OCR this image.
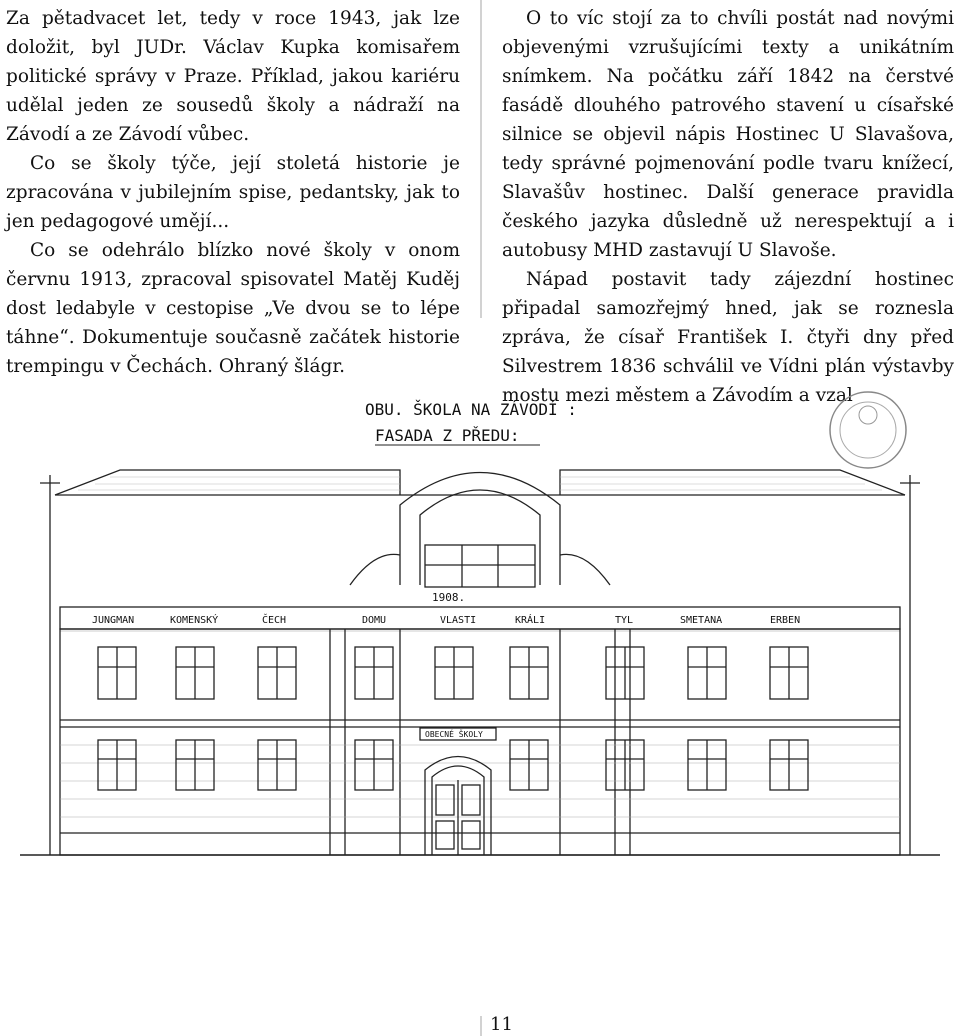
Za pětadvacet let, tedy v roce 1943, jak lze doložit, byl JUDr. Václav Kupka komisařem politické správy v Praze. Příklad, jakou kariéru udělal jeden ze sousedů školy a nádraží na Závodí a ze Závodí vůbec.

Co se školy týče, její stoletá historie je zpracována v jubilejním spise, pedantsky, jak to jen pedagogové umějí...

Co se odehrálo blízko nové školy v onom červnu 1913, zpracoval spisovatel Matěj Kuděj dost ledabyle v cestopise „Ve dvou se to lépe táhne“. Dokumentuje současně začátek historie trempingu v Čechách. Ohraný šlágr.

O to víc stojí za to chvíli postát nad novými objevenými vzrušujícími texty a unikátním snímkem. Na počátku září 1842 na čerstvé fasádě dlouhého patrového stavení u císařské silnice se objevil nápis Hostinec U Slavašova, tedy správné pojmenování podle tvaru knížecí, Slavašův hostinec. Další generace pravidla českého jazyka důsledně už nerespektují a i autobusy MHD zastavují U Slavoše.

Nápad postavit tady zájezdní hostinec připadal samozřejmý hned, jak se roznesla zpráva, že císař František I. čtyři dny před Silvestrem 1836 schválil ve Vídni plán výstavby mostu mezi městem a Závodím a vzal

OBU. ŠKOLA NA ZÁVODÍ :
FASADA Z PŘEDU:
1908.
JUNGMAN	KOMENSKÝ	ČECH	DOMU	VLASTI	KRÁLI	TYL	SMETANA	ERBEN
OBECNÉ ŠKOLY
11
